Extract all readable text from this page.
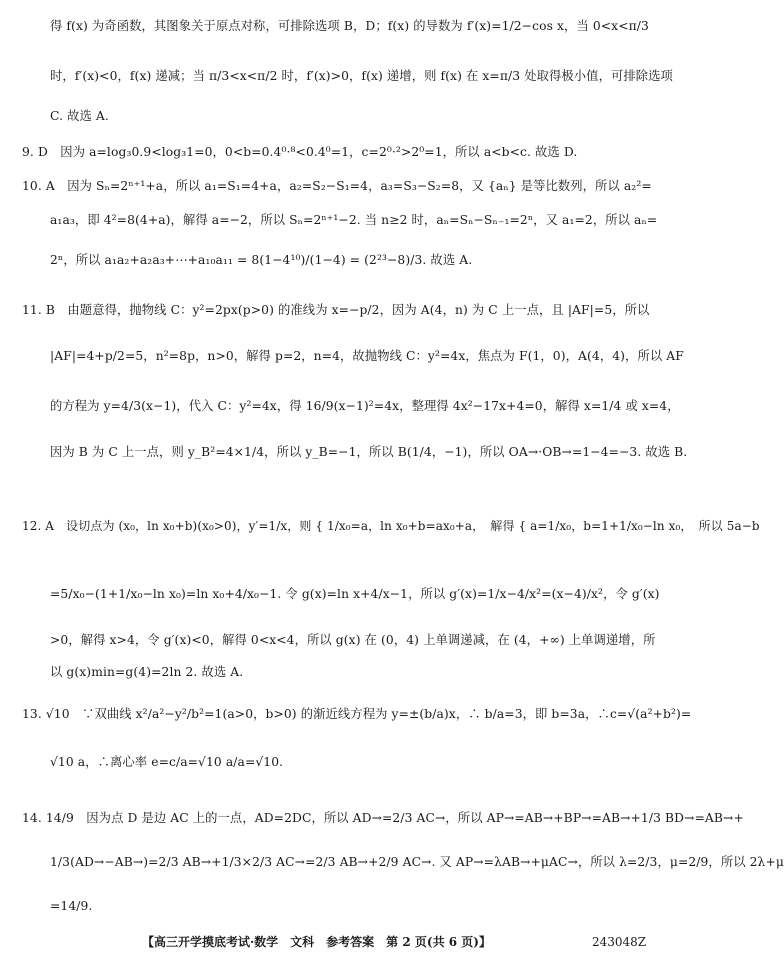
得 f(x) 为奇函数，其图象关于原点对称，可排除选项 B，D；f(x) 的导数为 f′(x)=1/2−cos x，当 0<x<π/3
时，f′(x)<0，f(x) 递减；当 π/3<x<π/2 时，f′(x)>0，f(x) 递增，则 f(x) 在 x=π/3 处取得极小值，可排除选项
C. 故选 A.
9. D　因为 a=log₃0.9<log₃1=0，0<b=0.4⁰·⁸<0.4⁰=1，c=2⁰·²>2⁰=1，所以 a<b<c. 故选 D.
10. A　因为 Sₙ=2ⁿ⁺¹+a，所以 a₁=S₁=4+a，a₂=S₂−S₁=4，a₃=S₃−S₂=8，又 {aₙ} 是等比数列，所以 a₂²=
a₁a₃，即 4²=8(4+a)，解得 a=−2，所以 Sₙ=2ⁿ⁺¹−2. 当 n≥2 时，aₙ=Sₙ−Sₙ₋₁=2ⁿ，又 a₁=2，所以 aₙ=
2ⁿ，所以 a₁a₂+a₂a₃+⋯+a₁₀a₁₁ = 8(1−4¹⁰)/(1−4) = (2²³−8)/3. 故选 A.
11. B　由题意得，抛物线 C：y²=2px(p>0) 的准线为 x=−p/2，因为 A(4，n) 为 C 上一点，且 |AF|=5，所以
|AF|=4+p/2=5，n²=8p，n>0，解得 p=2，n=4，故抛物线 C：y²=4x，焦点为 F(1，0)，A(4，4)，所以 AF
的方程为 y=4/3(x−1)，代入 C：y²=4x，得 16/9(x−1)²=4x，整理得 4x²−17x+4=0，解得 x=1/4 或 x=4，
因为 B 为 C 上一点，则 y_B²=4×1/4，所以 y_B=−1，所以 B(1/4，−1)，所以 OA→·OB→=1−4=−3. 故选 B.
12. A　设切点为 (x₀，ln x₀+b)(x₀>0)，y′=1/x，则 { 1/x₀=a，ln x₀+b=ax₀+a，　解得 { a=1/x₀，b=1+1/x₀−ln x₀，　所以 5a−b
=5/x₀−(1+1/x₀−ln x₀)=ln x₀+4/x₀−1. 令 g(x)=ln x+4/x−1，所以 g′(x)=1/x−4/x²=(x−4)/x²，令 g′(x)
>0，解得 x>4，令 g′(x)<0，解得 0<x<4，所以 g(x) 在 (0，4) 上单调递减，在 (4，+∞) 上单调递增，所
以 g(x)min=g(4)=2ln 2. 故选 A.
13. √10　∵双曲线 x²/a²−y²/b²=1(a>0，b>0) 的渐近线方程为 y=±(b/a)x，∴ b/a=3，即 b=3a，∴c=√(a²+b²)=
√10 a，∴离心率 e=c/a=√10 a/a=√10.
14. 14/9　因为点 D 是边 AC 上的一点，AD=2DC，所以 AD→=2/3 AC→，所以 AP→=AB→+BP→=AB→+1/3 BD→=AB→+
1/3(AD→−AB→)=2/3 AB→+1/3×2/3 AC→=2/3 AB→+2/9 AC→. 又 AP→=λAB→+μAC→，所以 λ=2/3，μ=2/9，所以 2λ+μ
=14/9.
【高三开学摸底考试·数学　文科　参考答案　第 2 页(共 6 页)】	243048Z
